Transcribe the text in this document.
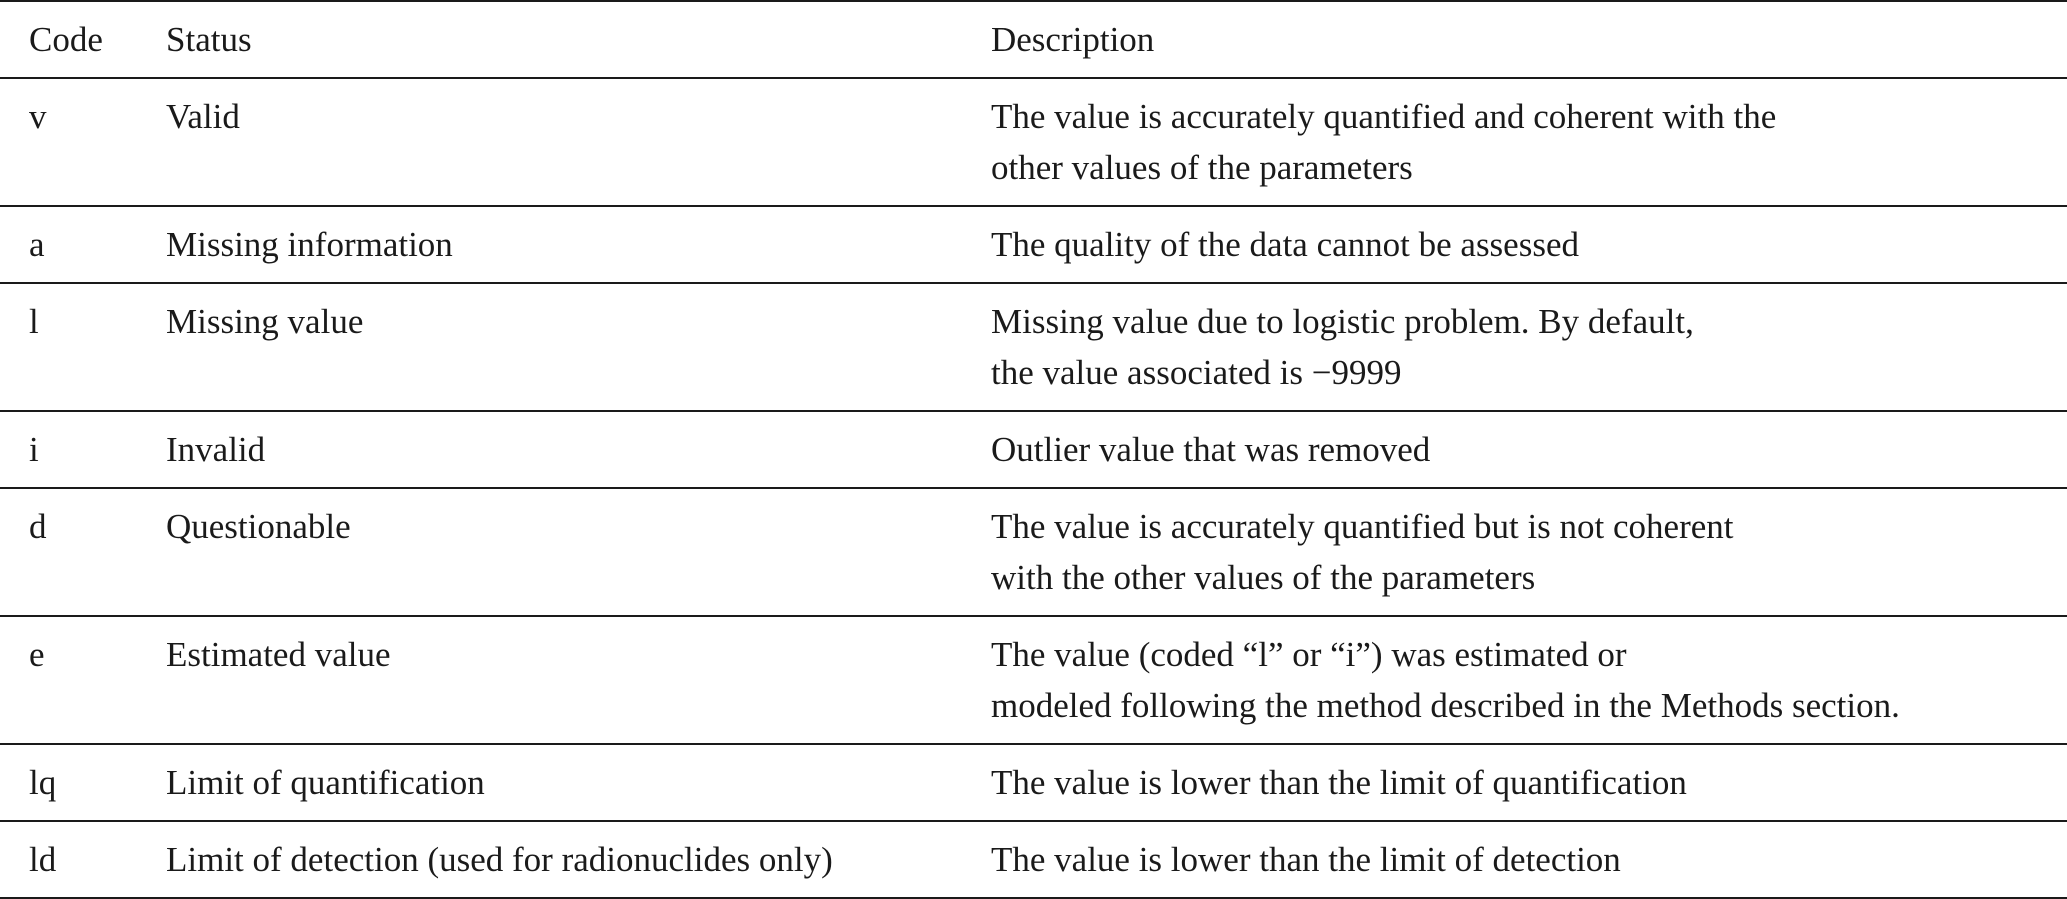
Code	Status	Description
v	Valid	The value is accurately quantified and coherent with the
other values of the parameters

a	Missing information	The quality of the data cannot be assessed

l	Missing value	Missing value due to logistic problem. By default,
the value associated is −9999

i	Invalid	Outlier value that was removed

d	Questionable	The value is accurately quantified but is not coherent
with the other values of the parameters

e	Estimated value	The value (coded “l” or “i”) was estimated or
modeled following the method described in the Methods section.

lq	Limit of quantification	The value is lower than the limit of quantification

ld	Limit of detection (used for radionuclides only)	The value is lower than the limit of detection
